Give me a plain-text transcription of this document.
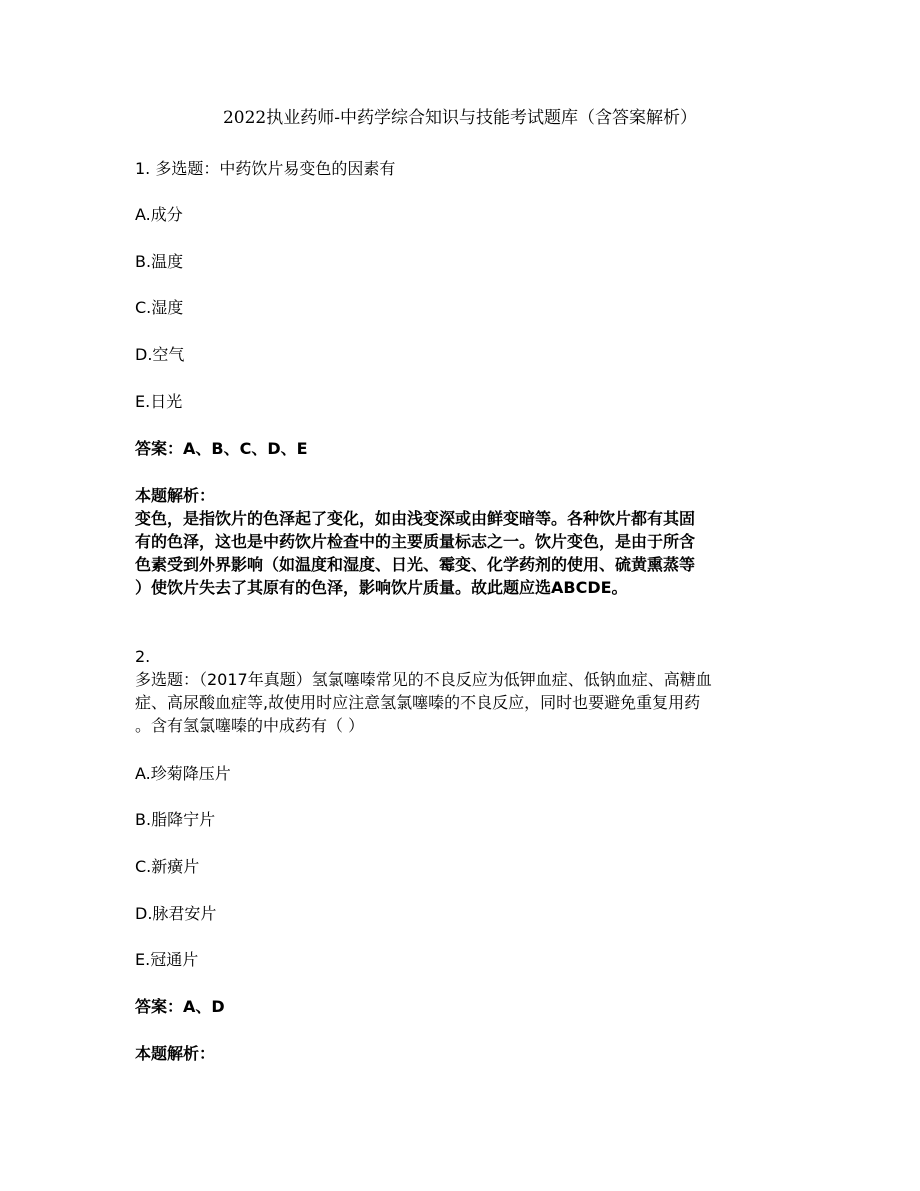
2022执业药师-中药学综合知识与技能考试题库（含答案解析）
1. 多选题：中药饮片易变色的因素有
A.成分
B.温度
C.湿度
D.空气
E.日光
答案：A、B、C、D、E
本题解析：
变色，是指饮片的色泽起了变化，如由浅变深或由鲜变暗等。各种饮片都有其固
有的色泽，这也是中药饮片检查中的主要质量标志之一。饮片变色，是由于所含
色素受到外界影响（如温度和湿度、日光、霉变、化学药剂的使用、硫黄熏蒸等
）使饮片失去了其原有的色泽，影响饮片质量。故此题应选ABCDE。
2.
多选题：（2017年真题）氢氯噻嗪常见的不良反应为低钾血症、低钠血症、高糖血
症、高尿酸血症等,故使用时应注意氢氯噻嗪的不良反应，同时也要避免重复用药
。含有氢氯噻嗪的中成药有（ ）
A.珍菊降压片
B.脂降宁片
C.新癀片
D.脉君安片
E.冠通片
答案：A、D
本题解析：
